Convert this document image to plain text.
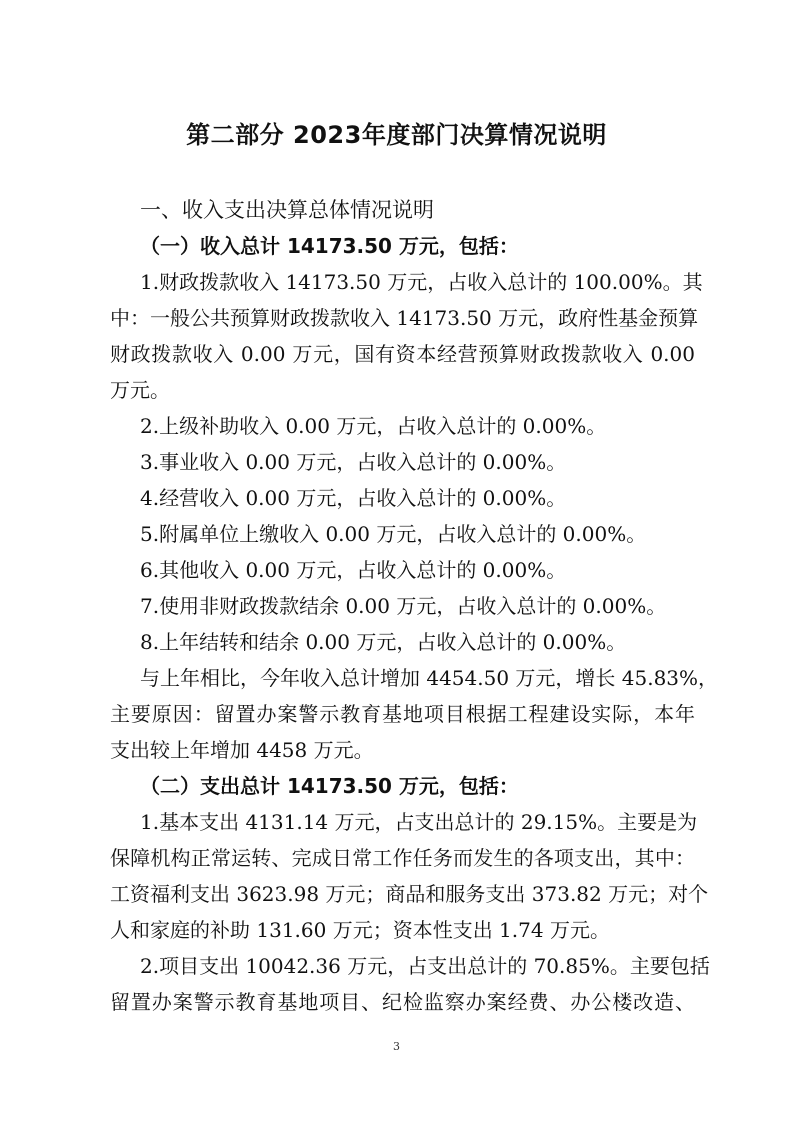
第二部分 2023年度部门决算情况说明
一、收入支出决算总体情况说明
（一）收入总计 14173.50 万元，包括：
1.财政拨款收入 14173.50 万元，占收入总计的 100.00%。其
中：一般公共预算财政拨款收入 14173.50 万元，政府性基金预算
财政拨款收入 0.00 万元，国有资本经营预算财政拨款收入 0.00
万元。
2.上级补助收入 0.00 万元，占收入总计的 0.00%。
3.事业收入 0.00 万元，占收入总计的 0.00%。
4.经营收入 0.00 万元，占收入总计的 0.00%。
5.附属单位上缴收入 0.00 万元，占收入总计的 0.00%。
6.其他收入 0.00 万元，占收入总计的 0.00%。
7.使用非财政拨款结余 0.00 万元，占收入总计的 0.00%。
8.上年结转和结余 0.00 万元，占收入总计的 0.00%。
与上年相比，今年收入总计增加 4454.50 万元，增长 45.83%，
主要原因：留置办案警示教育基地项目根据工程建设实际，本年
支出较上年增加 4458 万元。
（二）支出总计 14173.50 万元，包括：
1.基本支出 4131.14 万元，占支出总计的 29.15%。主要是为
保障机构正常运转、完成日常工作任务而发生的各项支出，其中：
工资福利支出 3623.98 万元；商品和服务支出 373.82 万元；对个
人和家庭的补助 131.60 万元；资本性支出 1.74 万元。
2.项目支出 10042.36 万元，占支出总计的 70.85%。主要包括
留置办案警示教育基地项目、纪检监察办案经费、办公楼改造、
3
